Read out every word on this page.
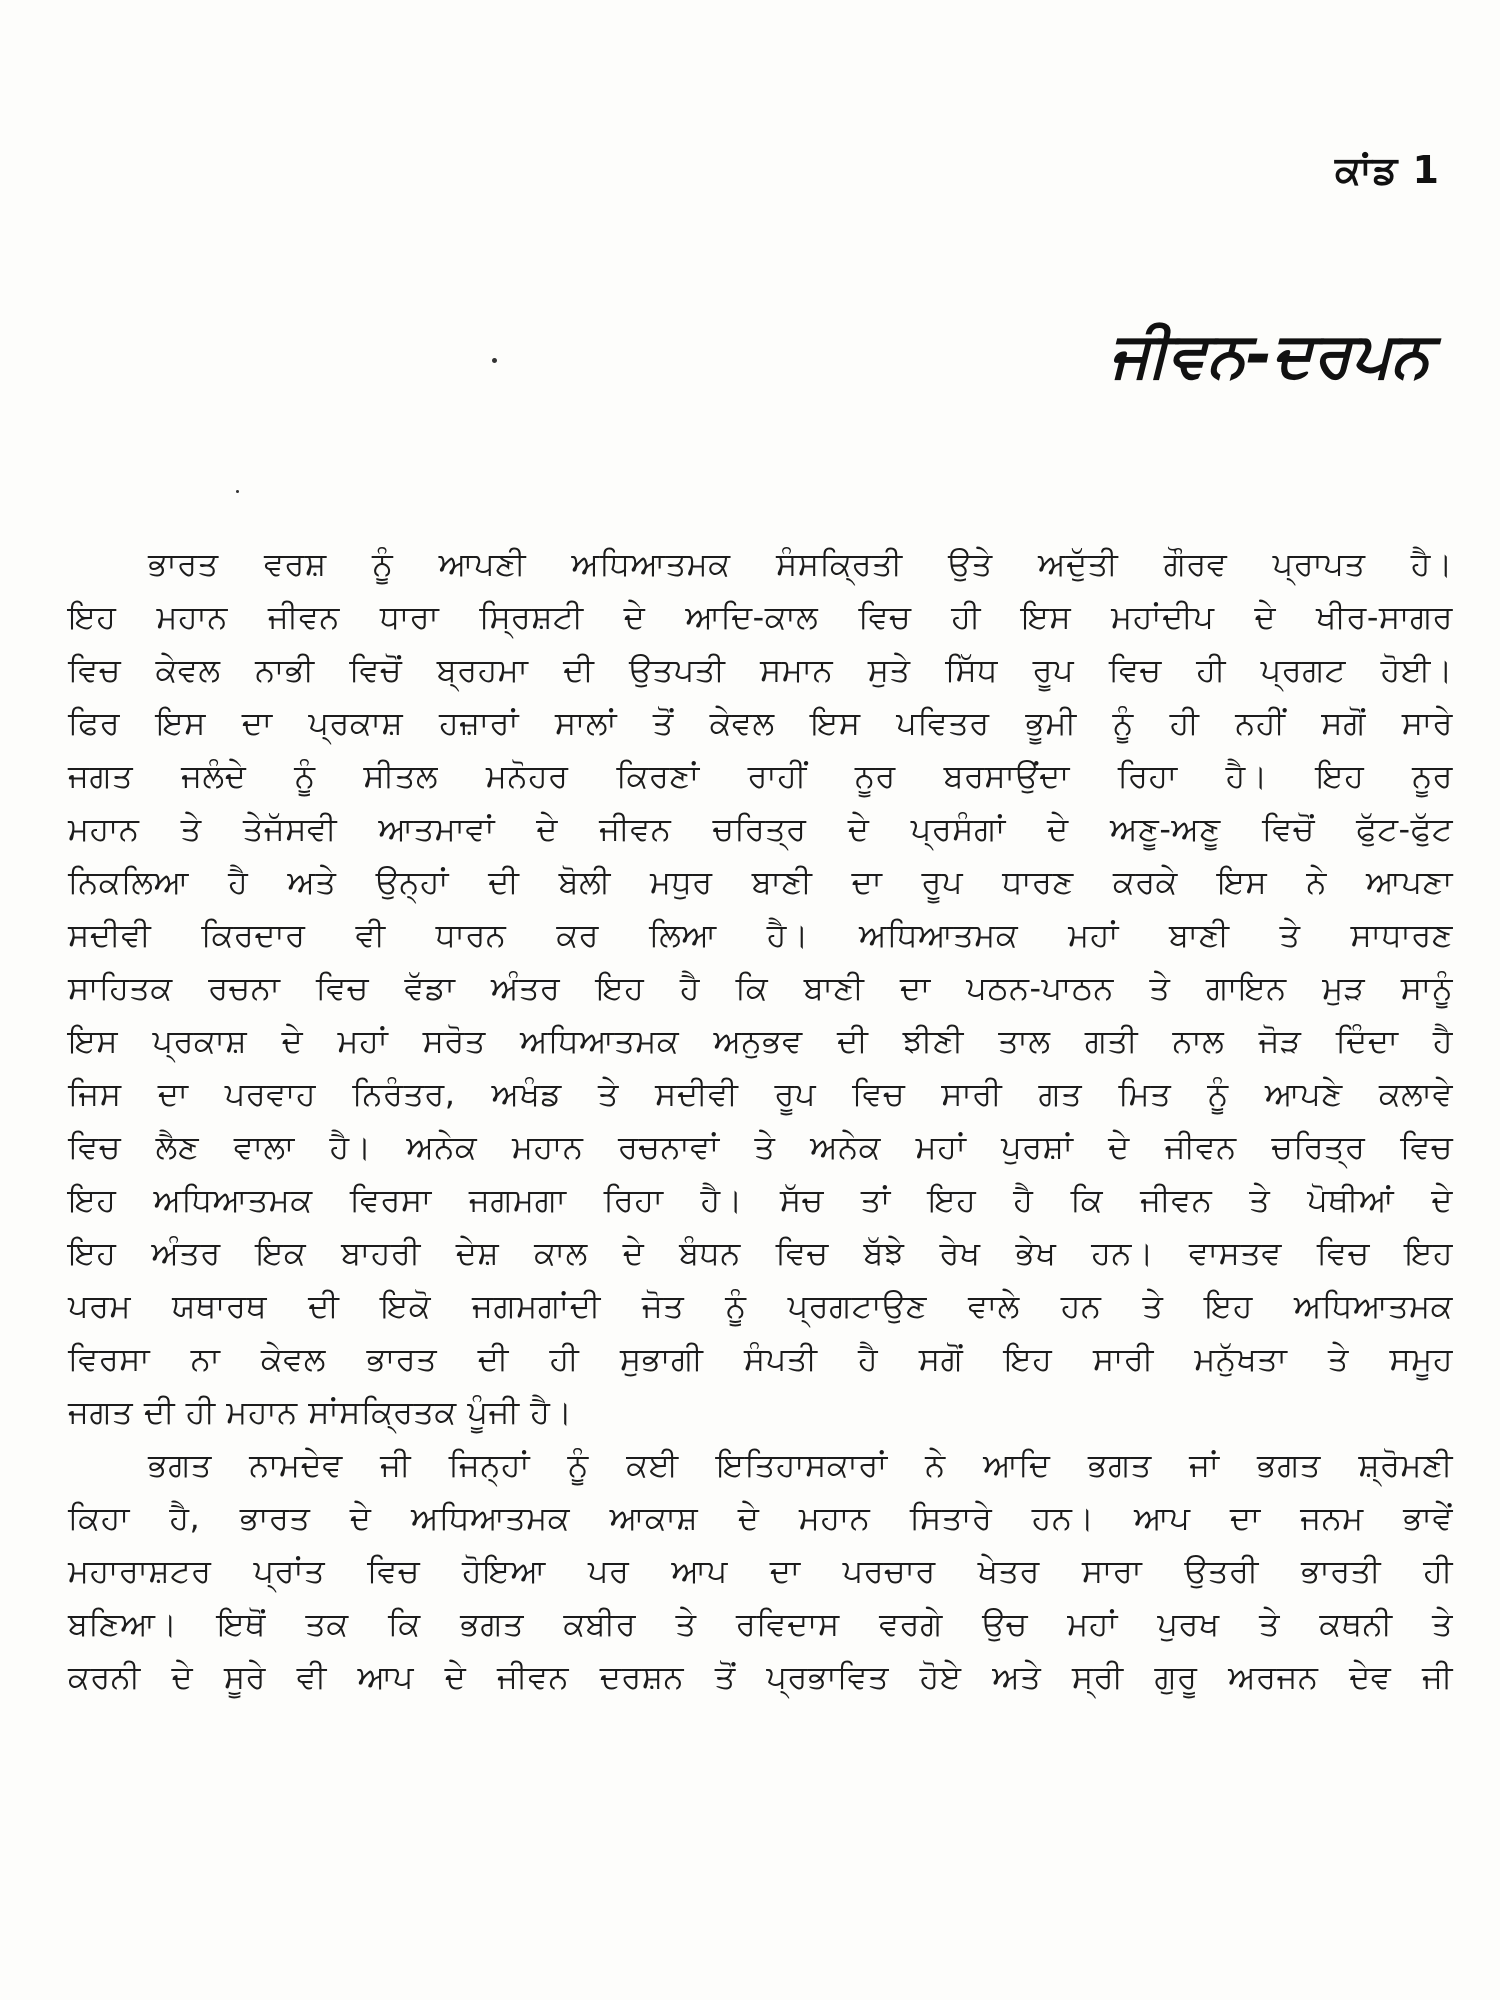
ਕਾਂਡ 1
ਜੀਵਨ-ਦਰਪਨ
ਭਾਰਤ ਵਰਸ਼ ਨੂੰ ਆਪਣੀ ਅਧਿਆਤਮਕ ਸੰਸਕ੍ਰਿਤੀ ਉਤੇ ਅਦੁੱਤੀ ਗੌਰਵ ਪ੍ਰਾਪਤ ਹੈ।
ਇਹ ਮਹਾਨ ਜੀਵਨ ਧਾਰਾ ਸ੍ਰਿਸ਼ਟੀ ਦੇ ਆਦਿ-ਕਾਲ ਵਿਚ ਹੀ ਇਸ ਮਹਾਂਦੀਪ ਦੇ ਖੀਰ-ਸਾਗਰ
ਵਿਚ ਕੇਵਲ ਨਾਭੀ ਵਿਚੋਂ ਬ੍ਰਹਮਾ ਦੀ ਉਤਪਤੀ ਸਮਾਨ ਸੁਤੇ ਸਿੱਧ ਰੂਪ ਵਿਚ ਹੀ ਪ੍ਰਗਟ ਹੋਈ।
ਫਿਰ ਇਸ ਦਾ ਪ੍ਰਕਾਸ਼ ਹਜ਼ਾਰਾਂ ਸਾਲਾਂ ਤੋਂ ਕੇਵਲ ਇਸ ਪਵਿਤਰ ਭੂਮੀ ਨੂੰ ਹੀ ਨਹੀਂ ਸਗੋਂ ਸਾਰੇ
ਜਗਤ ਜਲੰਦੇ ਨੂੰ ਸੀਤਲ ਮਨੋਹਰ ਕਿਰਣਾਂ ਰਾਹੀਂ ਨੂਰ ਬਰਸਾਉਂਦਾ ਰਿਹਾ ਹੈ। ਇਹ ਨੂਰ
ਮਹਾਨ ਤੇ ਤੇਜੱਸਵੀ ਆਤਮਾਵਾਂ ਦੇ ਜੀਵਨ ਚਰਿਤ੍ਰ ਦੇ ਪ੍ਰਸੰਗਾਂ ਦੇ ਅਣੂ-ਅਣੂ ਵਿਚੋਂ ਫੁੱਟ-ਫੁੱਟ
ਨਿਕਲਿਆ ਹੈ ਅਤੇ ਉਨ੍ਹਾਂ ਦੀ ਬੋਲੀ ਮਧੁਰ ਬਾਣੀ ਦਾ ਰੂਪ ਧਾਰਣ ਕਰਕੇ ਇਸ ਨੇ ਆਪਣਾ
ਸਦੀਵੀ ਕਿਰਦਾਰ ਵੀ ਧਾਰਨ ਕਰ ਲਿਆ ਹੈ। ਅਧਿਆਤਮਕ ਮਹਾਂ ਬਾਣੀ ਤੇ ਸਾਧਾਰਣ
ਸਾਹਿਤਕ ਰਚਨਾ ਵਿਚ ਵੱਡਾ ਅੰਤਰ ਇਹ ਹੈ ਕਿ ਬਾਣੀ ਦਾ ਪਠਨ-ਪਾਠਨ ਤੇ ਗਾਇਨ ਮੁੜ ਸਾਨੂੰ
ਇਸ ਪ੍ਰਕਾਸ਼ ਦੇ ਮਹਾਂ ਸਰੋਤ ਅਧਿਆਤਮਕ ਅਨੁਭਵ ਦੀ ਝੀਣੀ ਤਾਲ ਗਤੀ ਨਾਲ ਜੋੜ ਦਿੰਦਾ ਹੈ
ਜਿਸ ਦਾ ਪਰਵਾਹ ਨਿਰੰਤਰ, ਅਖੰਡ ਤੇ ਸਦੀਵੀ ਰੂਪ ਵਿਚ ਸਾਰੀ ਗਤ ਮਿਤ ਨੂੰ ਆਪਣੇ ਕਲਾਵੇ
ਵਿਚ ਲੈਣ ਵਾਲਾ ਹੈ। ਅਨੇਕ ਮਹਾਨ ਰਚਨਾਵਾਂ ਤੇ ਅਨੇਕ ਮਹਾਂ ਪੁਰਸ਼ਾਂ ਦੇ ਜੀਵਨ ਚਰਿਤ੍ਰ ਵਿਚ
ਇਹ ਅਧਿਆਤਮਕ ਵਿਰਸਾ ਜਗਮਗਾ ਰਿਹਾ ਹੈ। ਸੱਚ ਤਾਂ ਇਹ ਹੈ ਕਿ ਜੀਵਨ ਤੇ ਪੋਥੀਆਂ ਦੇ
ਇਹ ਅੰਤਰ ਇਕ ਬਾਹਰੀ ਦੇਸ਼ ਕਾਲ ਦੇ ਬੰਧਨ ਵਿਚ ਬੱਝੇ ਰੇਖ ਭੇਖ ਹਨ। ਵਾਸਤਵ ਵਿਚ ਇਹ
ਪਰਮ ਯਥਾਰਥ ਦੀ ਇਕੋ ਜਗਮਗਾਂਦੀ ਜੋਤ ਨੂੰ ਪ੍ਰਗਟਾਉਣ ਵਾਲੇ ਹਨ ਤੇ ਇਹ ਅਧਿਆਤਮਕ
ਵਿਰਸਾ ਨਾ ਕੇਵਲ ਭਾਰਤ ਦੀ ਹੀ ਸੁਭਾਗੀ ਸੰਪਤੀ ਹੈ ਸਗੋਂ ਇਹ ਸਾਰੀ ਮਨੁੱਖਤਾ ਤੇ ਸਮੂਹ
ਜਗਤ ਦੀ ਹੀ ਮਹਾਨ ਸਾਂਸਕ੍ਰਿਤਕ ਪੂੰਜੀ ਹੈ।
ਭਗਤ ਨਾਮਦੇਵ ਜੀ ਜਿਨ੍ਹਾਂ ਨੂੰ ਕਈ ਇਤਿਹਾਸਕਾਰਾਂ ਨੇ ਆਦਿ ਭਗਤ ਜਾਂ ਭਗਤ ਸ਼੍ਰੋਮਣੀ
ਕਿਹਾ ਹੈ, ਭਾਰਤ ਦੇ ਅਧਿਆਤਮਕ ਆਕਾਸ਼ ਦੇ ਮਹਾਨ ਸਿਤਾਰੇ ਹਨ। ਆਪ ਦਾ ਜਨਮ ਭਾਵੇਂ
ਮਹਾਰਾਸ਼ਟਰ ਪ੍ਰਾਂਤ ਵਿਚ ਹੋਇਆ ਪਰ ਆਪ ਦਾ ਪਰਚਾਰ ਖੇਤਰ ਸਾਰਾ ਉਤਰੀ ਭਾਰਤੀ ਹੀ
ਬਣਿਆ। ਇਥੋਂ ਤਕ ਕਿ ਭਗਤ ਕਬੀਰ ਤੇ ਰਵਿਦਾਸ ਵਰਗੇ ਉਚ ਮਹਾਂ ਪੁਰਖ ਤੇ ਕਥਨੀ ਤੇ
ਕਰਨੀ ਦੇ ਸੂਰੇ ਵੀ ਆਪ ਦੇ ਜੀਵਨ ਦਰਸ਼ਨ ਤੋਂ ਪ੍ਰਭਾਵਿਤ ਹੋਏ ਅਤੇ ਸ੍ਰੀ ਗੁਰੂ ਅਰਜਨ ਦੇਵ ਜੀ
